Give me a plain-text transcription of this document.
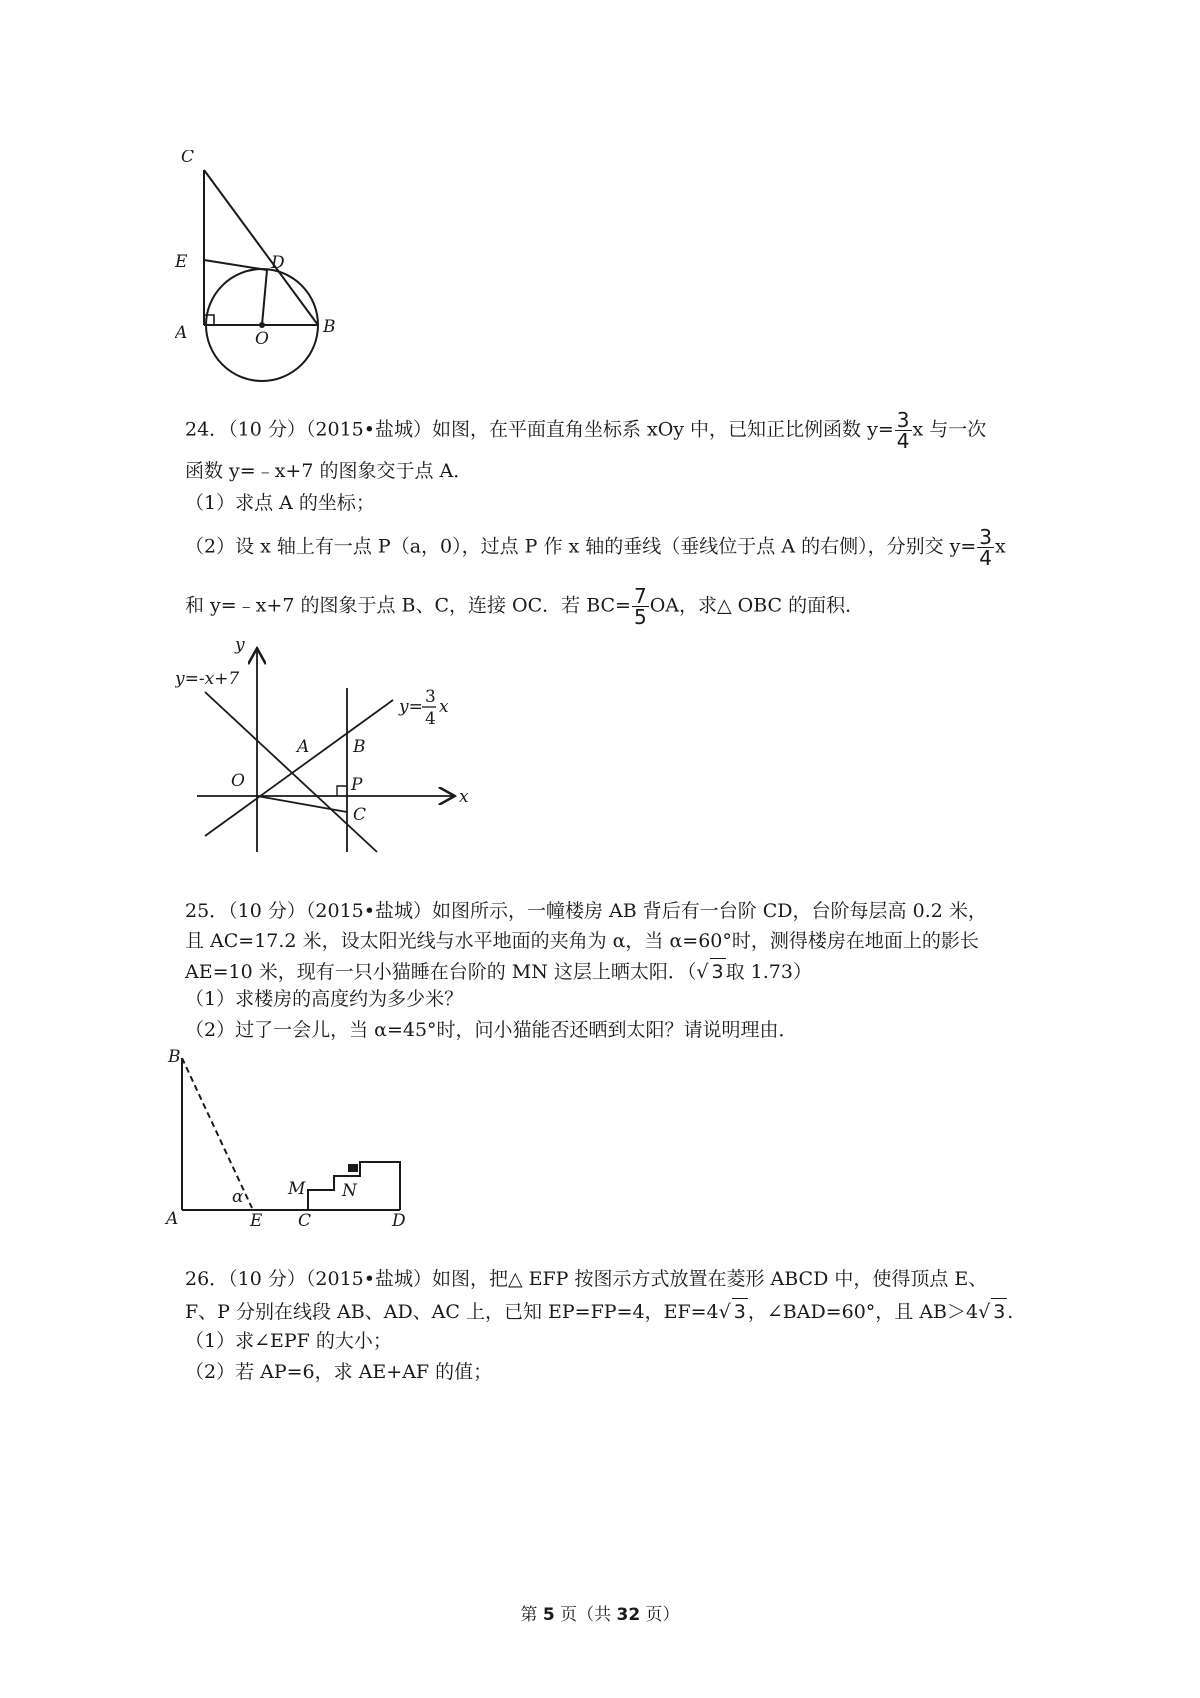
C
E	D
A	O
B
24．（10 分）（2015•盐城）如图，在平面直角坐标系 xOy 中，已知正比例函数 $y= \frac{3}{4}$ x 与一次
函数 y=﹣x+7 的图象交于点 A．
（1）求点 A 的坐标；
（2）设 x 轴上有一点 P（a，0），过点 P 作 x 轴的垂线（垂线位于点 A 的右侧），分别交 $y= \frac{3}{4}$ x
和 y=﹣x+7 的图象于点 B、C，连接 OC．若 $BC= \frac{7}{5}$ OA，求△ OBC 的面积．
y=-x+7
y
x
y= 3
4
x
A	B
O	P
C
25．（10 分）（2015•盐城）如图所示，一幢楼房 AB 背后有一台阶 CD，台阶每层高 0.2 米，
且 AC=17.2 米，设太阳光线与水平地面的夹角为 α，当 α=60°时，测得楼房在地面上的影长
AE=10 米，现有一只小猫睡在台阶的 MN 这层上晒太阳．（√ 3 取 1.73）
（1）求楼房的高度约为多少米？
（2）过了一会儿，当 α=45°时，问小猫能否还晒到太阳？请说明理由．
B
A
α
E C	D
M N
26．（10 分）（2015•盐城）如图，把△ EFP 按图示方式放置在菱形 ABCD 中，使得顶点 E、
F、P 分别在线段 AB、AD、AC 上，已知 EP=FP=4，EF=4√ 3 ，∠BAD=60°，且 AB＞4√ 3 .
（1）求∠EPF 的大小；
（2）若 AP=6，求 AE+AF 的值；
第 5 页（共 32 页）
